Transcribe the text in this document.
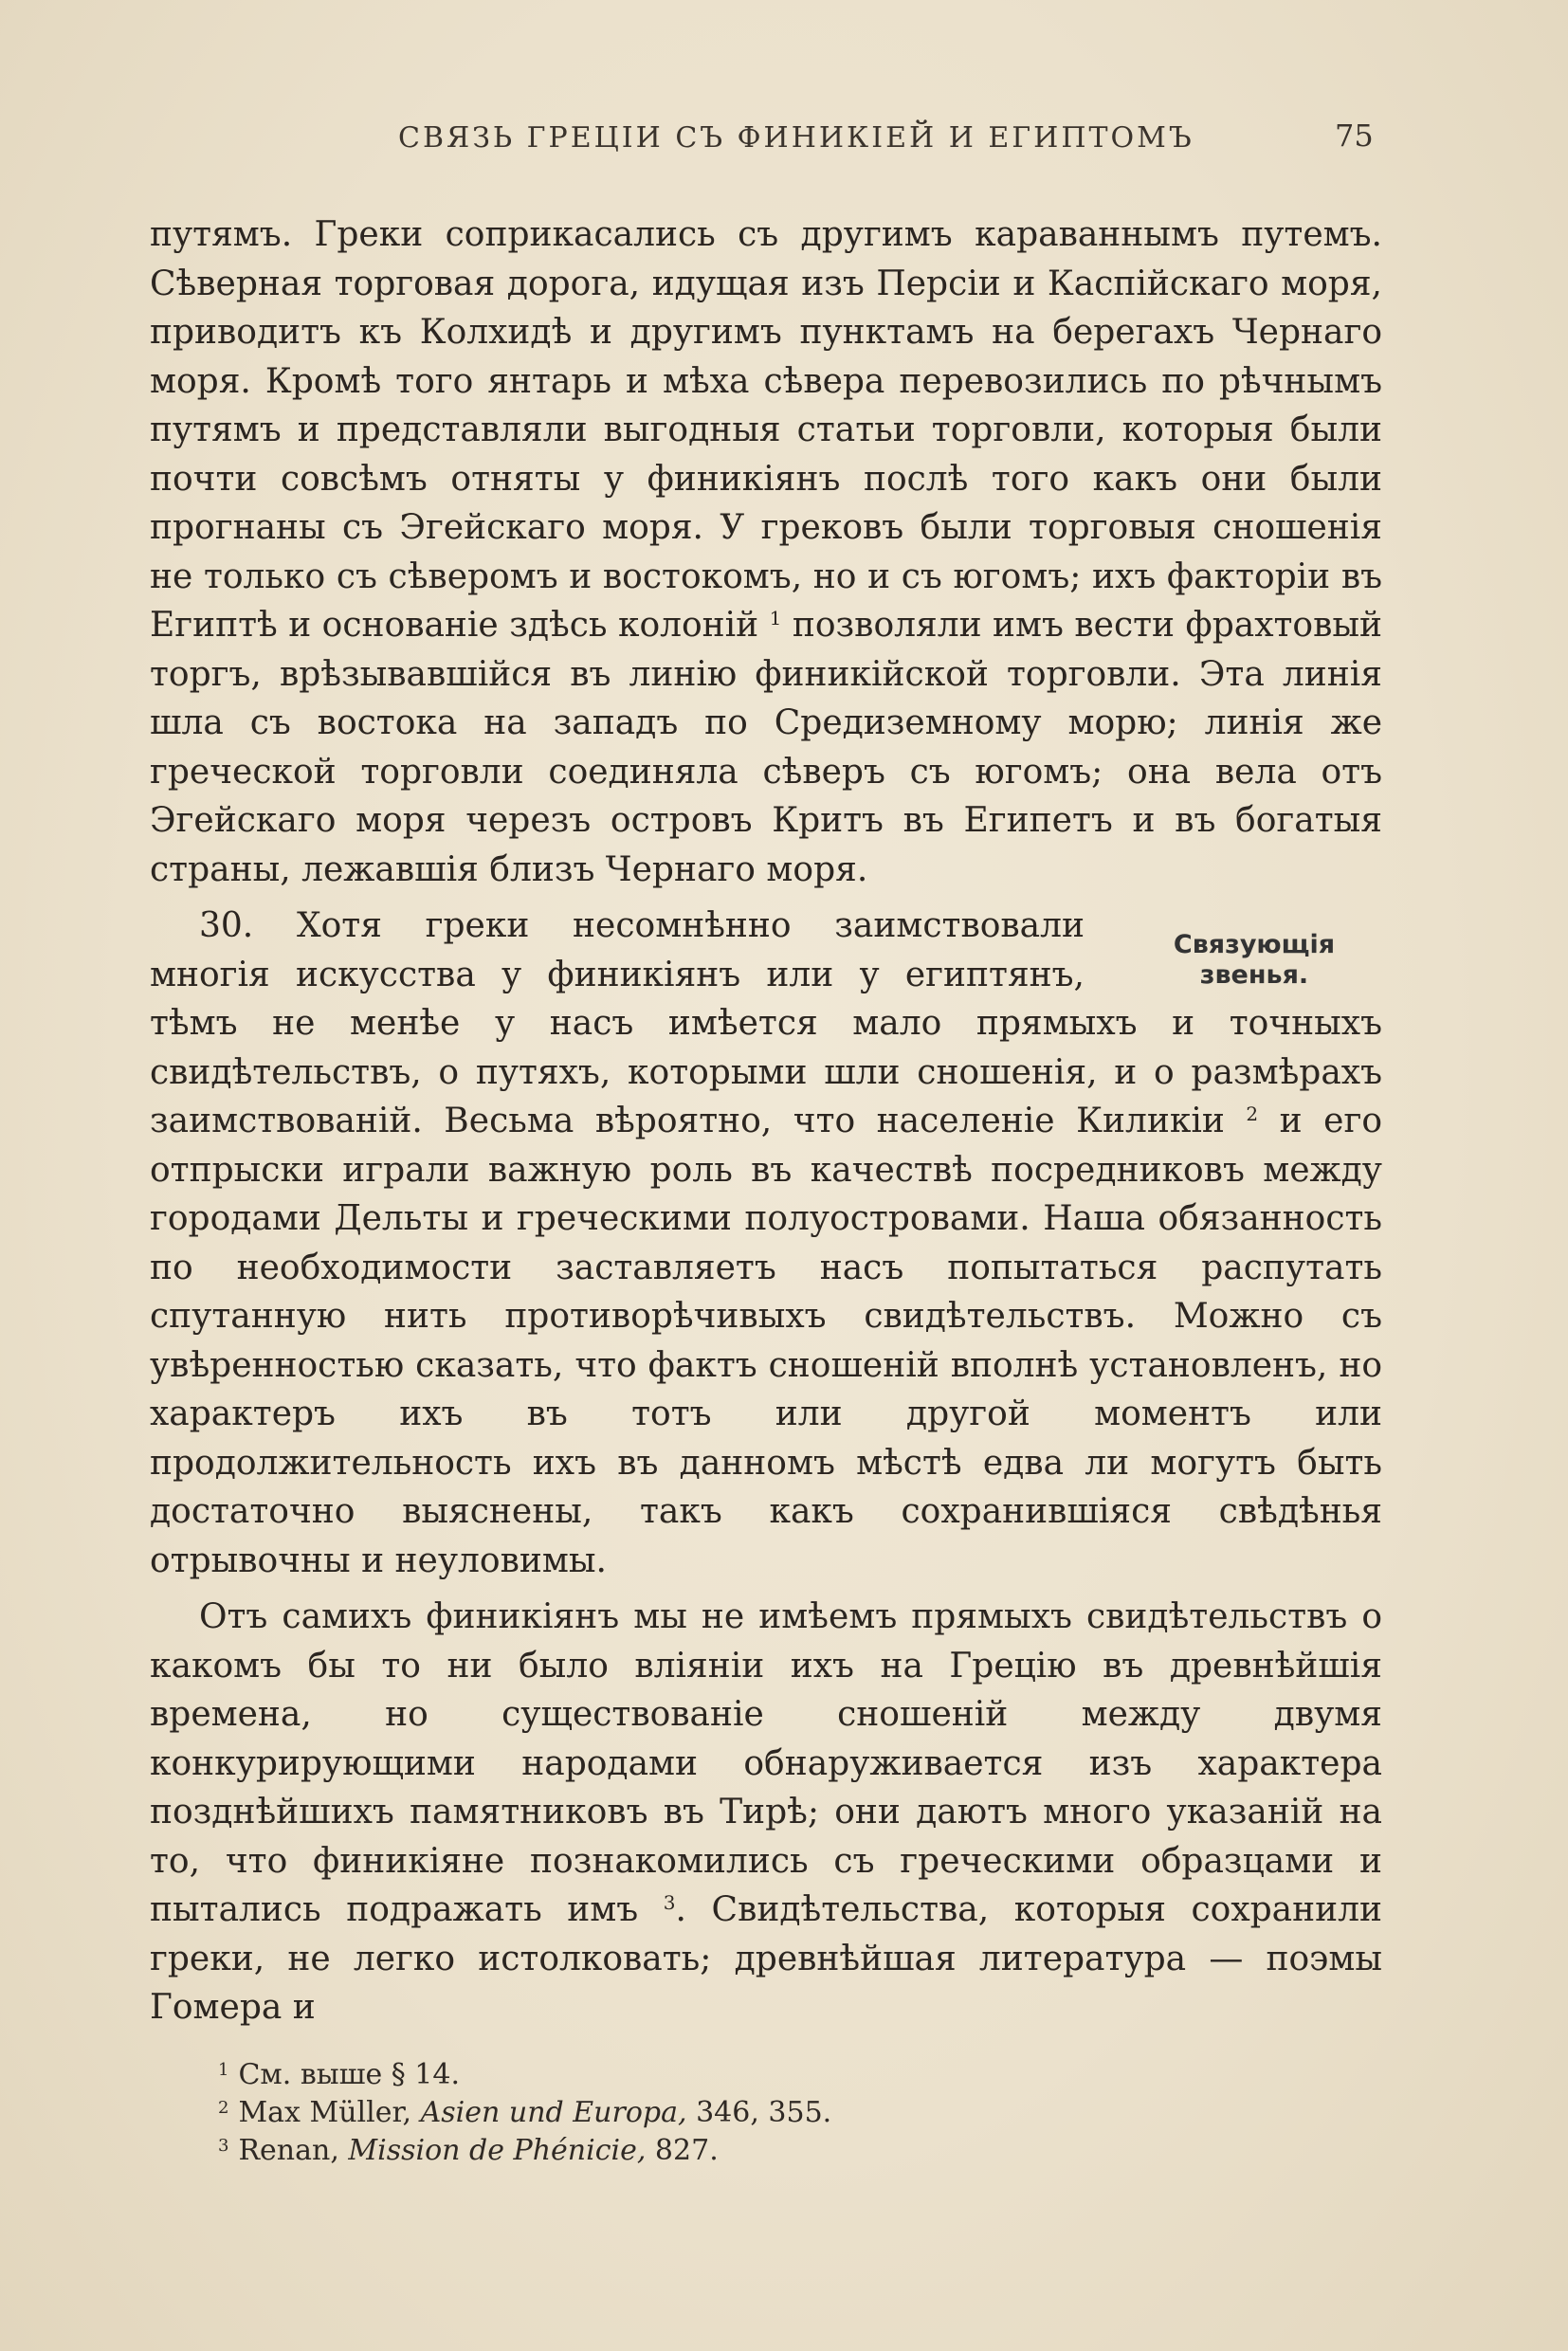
СВЯЗЬ ГРЕЦІИ СЪ ФИНИКІЕЙ И ЕГИПТОМЪ	75

путямъ. Греки соприкасались съ другимъ караваннымъ путемъ. Сѣверная торговая дорога, идущая изъ Персіи и Каспійскаго моря, приводитъ къ Колхидѣ и другимъ пунктамъ на берегахъ Чернаго моря. Кромѣ того янтарь и мѣха сѣвера перевозились по рѣчнымъ путямъ и представляли выгодныя статьи торговли, которыя были почти совсѣмъ отняты у финикіянъ послѣ того какъ они были прогнаны съ Эгейскаго моря. У грековъ были торговыя сношенія не только съ сѣверомъ и востокомъ, но и съ югомъ; ихъ факторіи въ Египтѣ и основаніе здѣсь колоній $^1$ позволяли имъ вести фрахтовый торгъ, врѣзывавшійся въ линію финикійской торговли. Эта линія шла съ востока на западъ по Средиземному морю; линія же греческой торговли соединяла сѣверъ съ югомъ; она вела отъ Эгейскаго моря черезъ островъ Критъ въ Египетъ и въ богатыя страны, лежавшія близъ Чернаго моря.

Связующія
звенья.
30. Хотя греки несомнѣнно заимствовали многія искусства у финикіянъ или у египтянъ, тѣмъ не менѣе у насъ имѣется мало прямыхъ и точныхъ свидѣтельствъ, о путяхъ, которыми шли сношенія, и о размѣрахъ заимствованій. Весьма вѣроятно, что населеніе Киликіи $^2$ и его отпрыски играли важную роль въ качествѣ посредниковъ между городами Дельты и греческими полуостровами. Наша обязанность по необходимости заставляетъ насъ попытаться распутать спутанную нить противорѣчивыхъ свидѣтельствъ. Можно съ увѣренностью сказать, что фактъ сношеній вполнѣ установленъ, но характеръ ихъ въ тотъ или другой моментъ или продолжительность ихъ въ данномъ мѣстѣ едва ли могутъ быть достаточно выяснены, такъ какъ сохранившіяся свѣдѣнья отрывочны и неуловимы.

Отъ самихъ финикіянъ мы не имѣемъ прямыхъ свидѣтельствъ о какомъ бы то ни было вліяніи ихъ на Грецію въ древнѣйшія времена, но существованіе сношеній между двумя конкурирующими народами обнаруживается изъ характера позднѣйшихъ памятниковъ въ Тирѣ; они даютъ много указаній на то, что финикіяне познакомились съ греческими образцами и пытались подражать имъ $^3$. Свидѣтельства, которыя сохранили греки, не легко истолковать; древнѣйшая литература — поэмы Гомера и

$^1$ См. выше § 14.

$^2$ Max Müller, Asien und Europa, 346, 355.

$^3$ Renan, Mission de Phénicie, 827.
